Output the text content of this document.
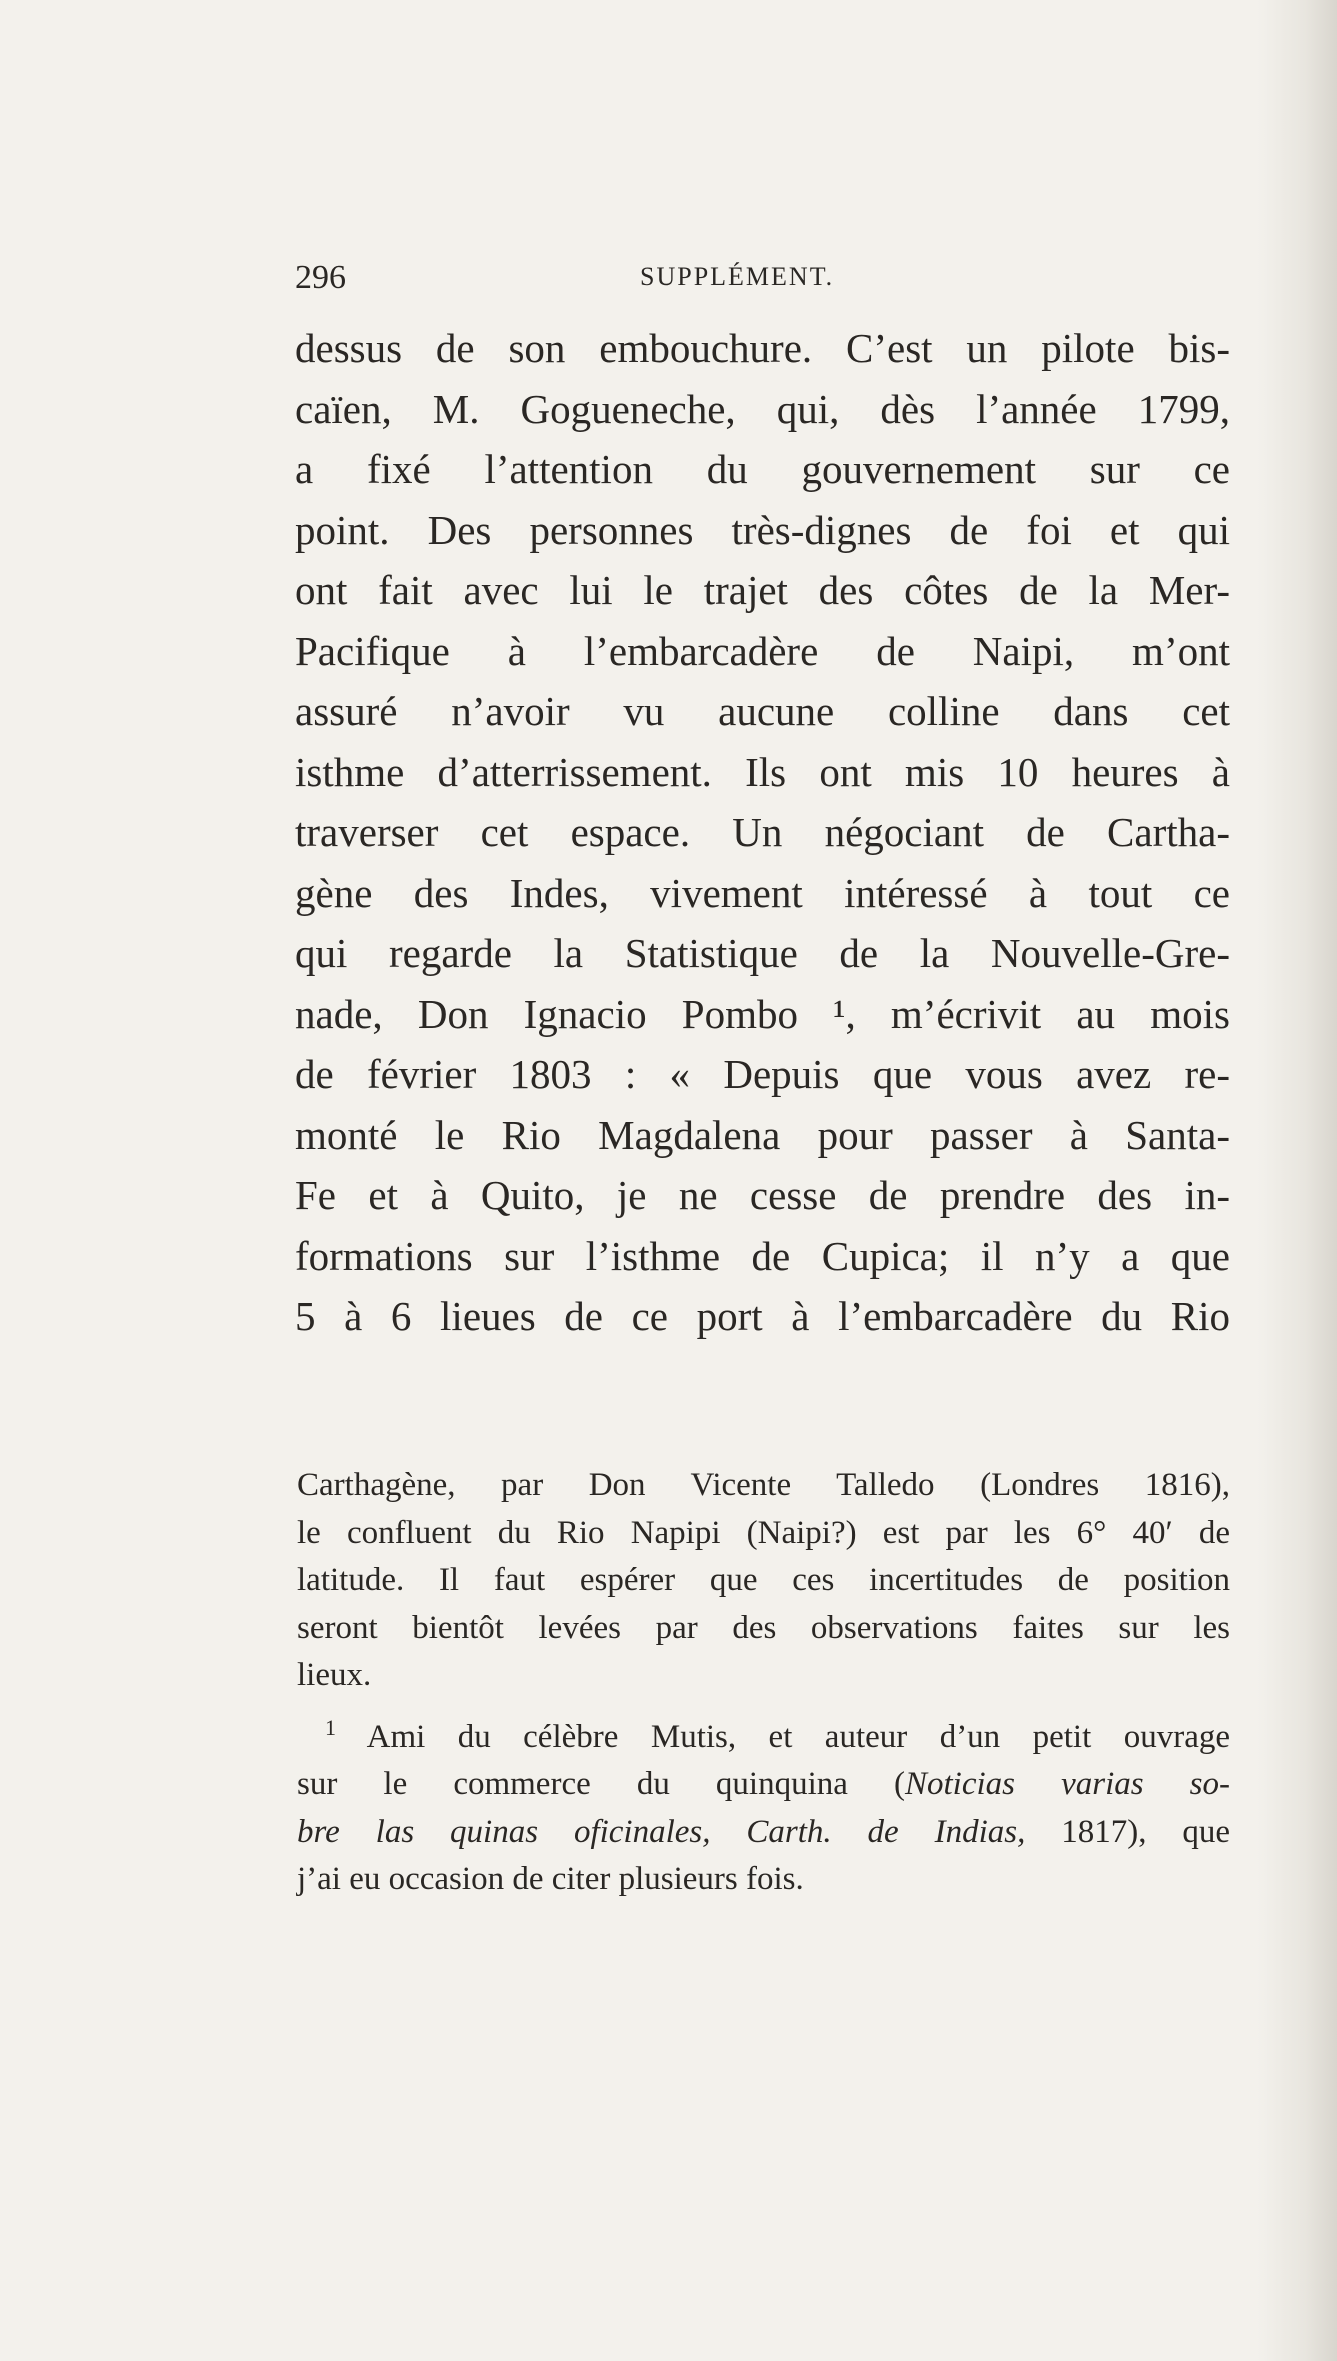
296	SUPPLÉMENT.
dessus de son embouchure. C’est un pilote bis-
caïen, M. Gogueneche, qui, dès l’année 1799,
a fixé l’attention du gouvernement sur ce
point. Des personnes très-dignes de foi et qui
ont fait avec lui le trajet des côtes de la Mer-
Pacifique à l’embarcadère de Naipi, m’ont
assuré n’avoir vu aucune colline dans cet
isthme d’atterrissement. Ils ont mis 10 heures à
traverser cet espace. Un négociant de Cartha-
gène des Indes, vivement intéressé à tout ce
qui regarde la Statistique de la Nouvelle-Gre-
nade, Don Ignacio Pombo ¹, m’écrivit au mois
de février 1803 : « Depuis que vous avez re-
monté le Rio Magdalena pour passer à Santa-
Fe et à Quito, je ne cesse de prendre des in-
formations sur l’isthme de Cupica; il n’y a que
5 à 6 lieues de ce port à l’embarcadère du Rio
Carthagène, par Don Vicente Talledo (Londres 1816),
le confluent du Rio Napipi (Naipi?) est par les 6° 40′ de
latitude. Il faut espérer que ces incertitudes de position
seront bientôt levées par des observations faites sur les
lieux.
$^1$ Ami du célèbre Mutis, et auteur d’un petit ouvrage
sur le commerce du quinquina (Noticias varias so-
bre las quinas oficinales, Carth. de Indias, 1817), que
j’ai eu occasion de citer plusieurs fois.
